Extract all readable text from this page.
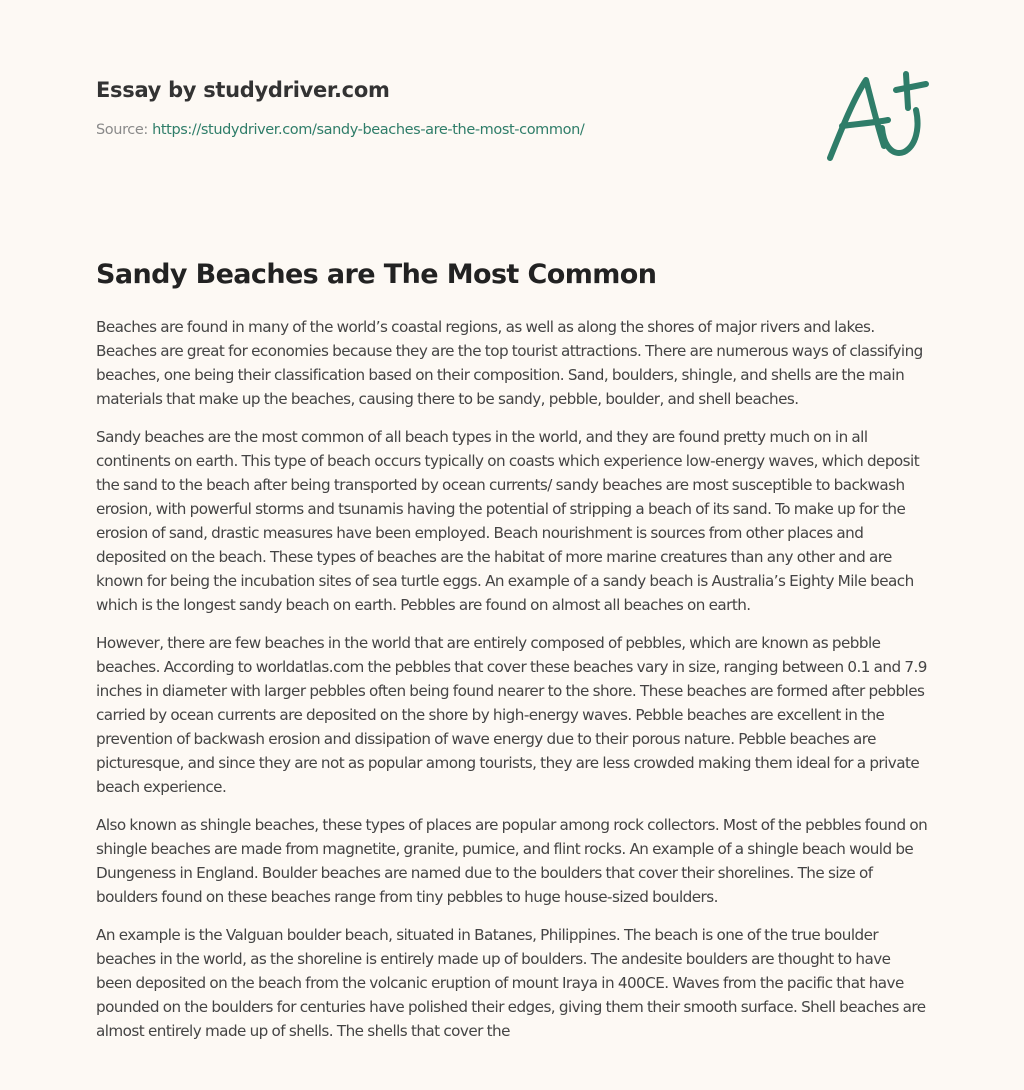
Essay by studydriver.com
Source: https://studydriver.com/sandy-beaches-are-the-most-common/
Sandy Beaches are The Most Common

Beaches are found in many of the world’s coastal regions, as well as along the shores of major rivers and lakes. Beaches are great for economies because they are the top tourist attractions. There are numerous ways of classifying beaches, one being their classification based on their composition. Sand, boulders, shingle, and shells are the main materials that make up the beaches, causing there to be sandy, pebble, boulder, and shell beaches.

Sandy beaches are the most common of all beach types in the world, and they are found pretty much on in all continents on earth. This type of beach occurs typically on coasts which experience low-energy waves, which deposit the sand to the beach after being transported by ocean currents/ sandy beaches are most susceptible to backwash erosion, with powerful storms and tsunamis having the potential of stripping a beach of its sand. To make up for the erosion of sand, drastic measures have been employed. Beach nourishment is sources from other places and deposited on the beach. These types of beaches are the habitat of more marine creatures than any other and are known for being the incubation sites of sea turtle eggs. An example of a sandy beach is Australia’s Eighty Mile beach which is the longest sandy beach on earth. Pebbles are found on almost all beaches on earth.

However, there are few beaches in the world that are entirely composed of pebbles, which are known as pebble beaches. According to worldatlas.com the pebbles that cover these beaches vary in size, ranging between 0.1 and 7.9 inches in diameter with larger pebbles often being found nearer to the shore. These beaches are formed after pebbles carried by ocean currents are deposited on the shore by high-energy waves. Pebble beaches are excellent in the prevention of backwash erosion and dissipation of wave energy due to their porous nature. Pebble beaches are picturesque, and since they are not as popular among tourists, they are less crowded making them ideal for a private beach experience.

Also known as shingle beaches, these types of places are popular among rock collectors. Most of the pebbles found on shingle beaches are made from magnetite, granite, pumice, and flint rocks. An example of a shingle beach would be Dungeness in England. Boulder beaches are named due to the boulders that cover their shorelines. The size of boulders found on these beaches range from tiny pebbles to huge house-sized boulders.

An example is the Valguan boulder beach, situated in Batanes, Philippines. The beach is one of the true boulder beaches in the world, as the shoreline is entirely made up of boulders. The andesite boulders are thought to have been deposited on the beach from the volcanic eruption of mount Iraya in 400CE. Waves from the pacific that have pounded on the boulders for centuries have polished their edges, giving them their smooth surface. Shell beaches are almost entirely made up of shells. The shells that cover the
